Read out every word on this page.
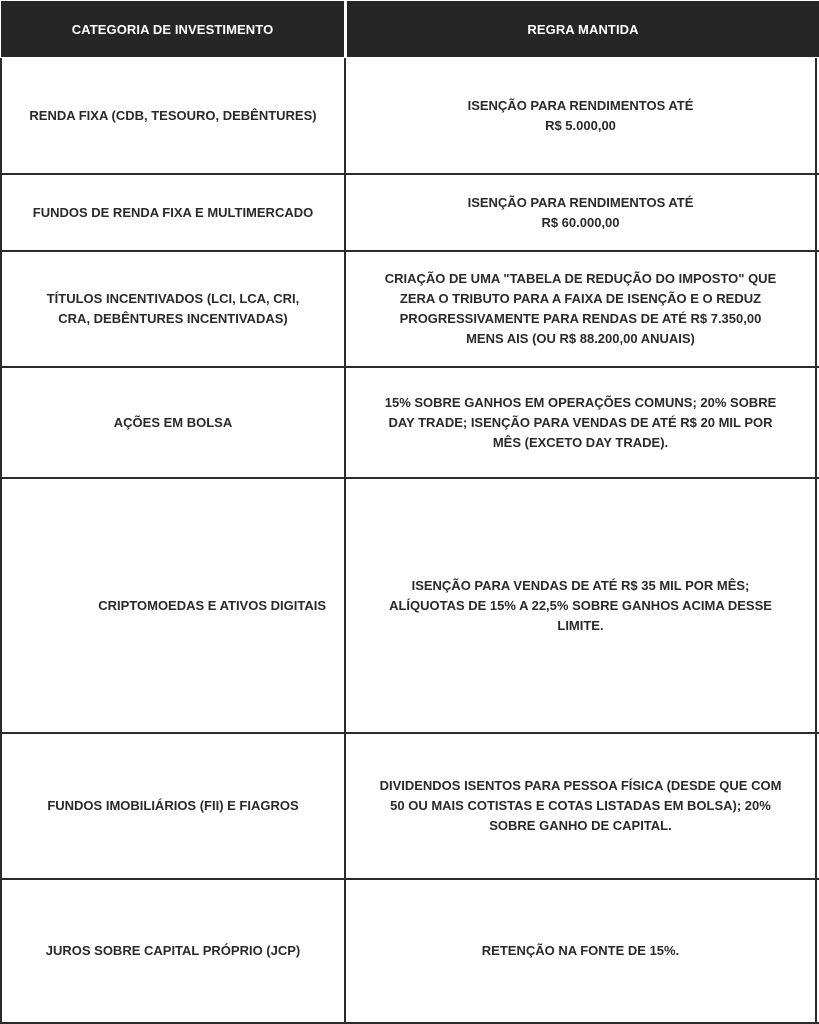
CATEGORIA DE INVESTIMENTO	REGRA MANTIDA
RENDA FIXA (CDB, TESOURO, DEBÊNTURES)
ISENÇÃO PARA RENDIMENTOS ATÉ
R$ 5.000,00
FUNDOS DE RENDA FIXA E MULTIMERCADO
ISENÇÃO PARA RENDIMENTOS ATÉ
R$ 60.000,00
TÍTULOS INCENTIVADOS (LCI, LCA, CRI,
CRA, DEBÊNTURES INCENTIVADAS)
CRIAÇÃO DE UMA "TABELA DE REDUÇÃO DO IMPOSTO" QUE
ZERA O TRIBUTO PARA A FAIXA DE ISENÇÃO E O REDUZ
PROGRESSIVAMENTE PARA RENDAS DE ATÉ R$ 7.350,00
MENS AIS (OU R$ 88.200,00 ANUAIS)
AÇÕES EM BOLSA
15% SOBRE GANHOS EM OPERAÇÕES COMUNS; 20% SOBRE
DAY TRADE; ISENÇÃO PARA VENDAS DE ATÉ R$ 20 MIL POR
MÊS (EXCETO DAY TRADE).
CRIPTOMOEDAS E ATIVOS DIGITAIS
ISENÇÃO PARA VENDAS DE ATÉ R$ 35 MIL POR MÊS;
ALÍQUOTAS DE 15% A 22,5% SOBRE GANHOS ACIMA DESSE
LIMITE.
FUNDOS IMOBILIÁRIOS (FII) E FIAGROS
DIVIDENDOS ISENTOS PARA PESSOA FÍSICA (DESDE QUE COM
50 OU MAIS COTISTAS E COTAS LISTADAS EM BOLSA); 20%
SOBRE GANHO DE CAPITAL.
JUROS SOBRE CAPITAL PRÓPRIO (JCP)	RETENÇÃO NA FONTE DE 15%.
